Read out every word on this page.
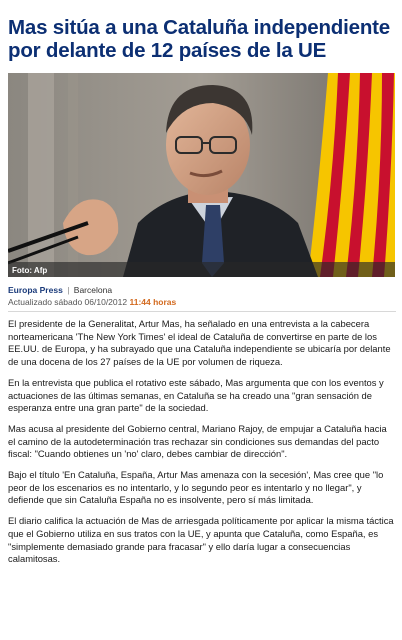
Mas sitúa a una Cataluña independiente por delante de 12 países de la UE
Foto: Afp
Europa Press | Barcelona
Actualizado sábado 06/10/2012 11:44 horas

El presidente de la Generalitat, Artur Mas, ha señalado en una entrevista a la cabecera norteamericana 'The New York Times' el ideal de Cataluña de convertirse en parte de los EE.UU. de Europa, y ha subrayado que una Cataluña independiente se ubicaría por delante de una docena de los 27 países de la UE por volumen de riqueza.

En la entrevista que publica el rotativo este sábado, Mas argumenta que con los eventos y actuaciones de las últimas semanas, en Cataluña se ha creado una "gran sensación de esperanza entre una gran parte" de la sociedad.

Mas acusa al presidente del Gobierno central, Mariano Rajoy, de empujar a Cataluña hacia el camino de la autodeterminación tras rechazar sin condiciones sus demandas del pacto fiscal: "Cuando obtienes un 'no' claro, debes cambiar de dirección".

Bajo el título 'En Cataluña, España, Artur Mas amenaza con la secesión', Mas cree que "lo peor de los escenarios es no intentarlo, y lo segundo peor es intentarlo y no llegar", y defiende que sin Cataluña España no es insolvente, pero sí más limitada.

El diario califica la actuación de Mas de arriesgada políticamente por aplicar la misma táctica que el Gobierno utiliza en sus tratos con la UE, y apunta que Cataluña, como España, es "simplemente demasiado grande para fracasar" y ello daría lugar a consecuencias calamitosas.
